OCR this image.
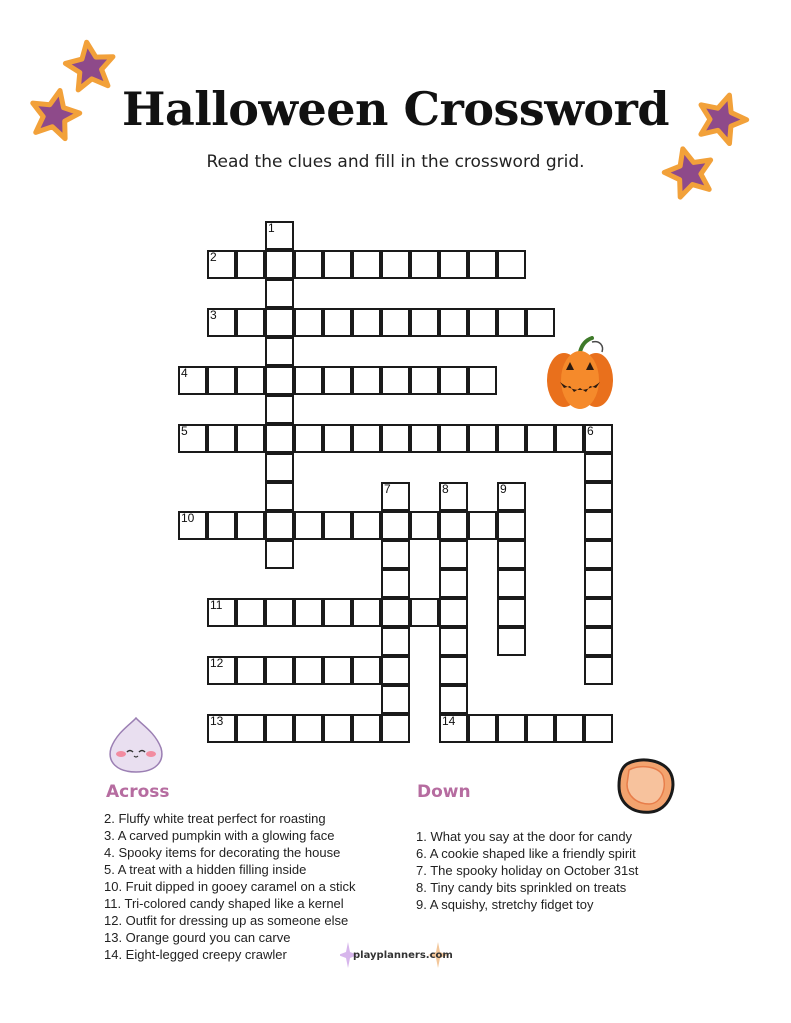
Halloween Crossword
Read the clues and fill in the crossword grid.
2
3
4
5	6
10
11
12
13	14
1
7	8	9
Across
2. Fluffy white treat perfect for roasting
3. A carved pumpkin with a glowing face
4. Spooky items for decorating the house
5. A treat with a hidden filling inside
10. Fruit dipped in gooey caramel on a stick
11. Tri-colored candy shaped like a kernel
12. Outfit for dressing up as someone else
13. Orange gourd you can carve
14. Eight-legged creepy crawler
Down
1. What you say at the door for candy
6. A cookie shaped like a friendly spirit
7. The spooky holiday on October 31st
8. Tiny candy bits sprinkled on treats
9. A squishy, stretchy fidget toy
playplanners.com
